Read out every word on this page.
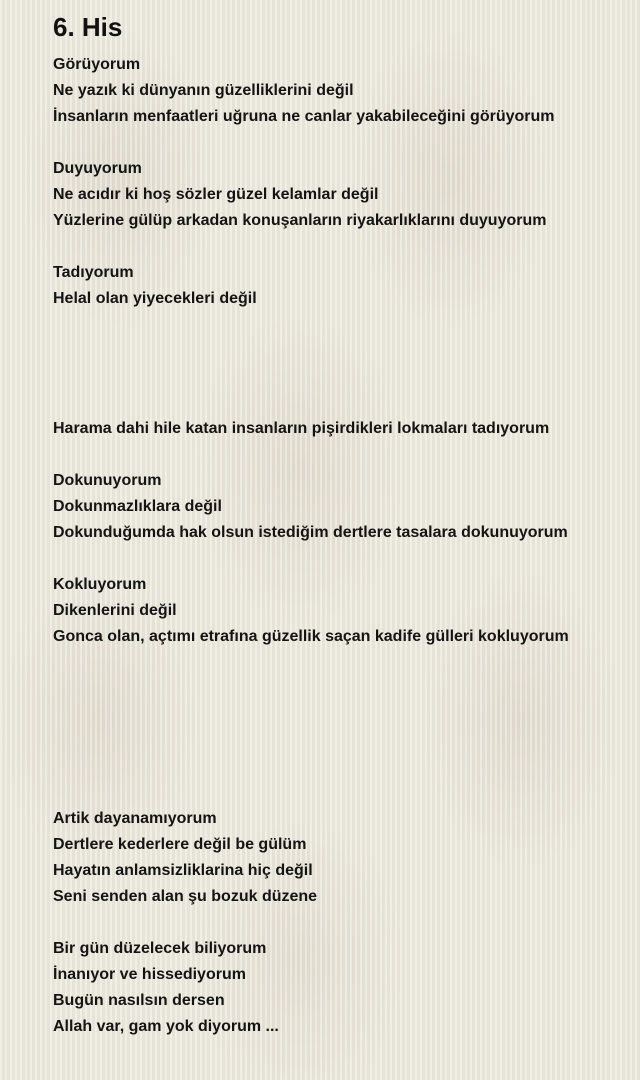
6. His
Görüyorum
Ne yazık ki dünyanın güzelliklerini değil
İnsanların menfaatleri uğruna ne canlar yakabileceğini görüyorum
Duyuyorum
Ne acıdır ki hoş sözler güzel kelamlar değil
Yüzlerine gülüp arkadan konuşanların riyakarlıklarını duyuyorum
Tadıyorum
Helal olan yiyecekleri değil
Harama dahi hile katan insanların pişirdikleri lokmaları tadıyorum
Dokunuyorum
Dokunmazlıklara değil
Dokunduğumda hak olsun istediğim dertlere tasalara dokunuyorum
Kokluyorum
Dikenlerini değil
Gonca olan, açtımı etrafına güzellik saçan kadife gülleri kokluyorum
Artik dayanamıyorum
Dertlere kederlere değil be gülüm
Hayatın anlamsizliklarina hiç değil
Seni senden alan şu bozuk düzene
Bir gün düzelecek biliyorum
İnanıyor ve hissediyorum
Bugün nasılsın dersen
Allah var, gam yok diyorum ...
